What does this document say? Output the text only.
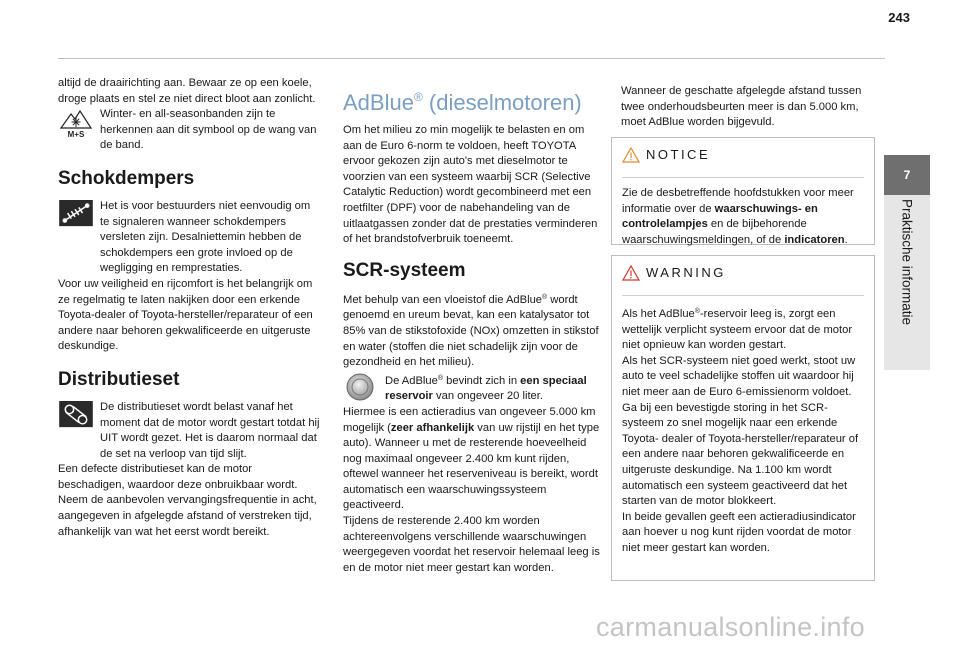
243
7
Praktische informatie

altijd de draairichting aan. Bewaar ze op een koele, droge plaats en stel ze niet direct bloot aan zonlicht.

M+S
Winter- en all-seasonbanden zijn te herkennen aan dit symbool op de wang van de band.
Schokdempers
Het is voor bestuurders niet eenvoudig om te signaleren wanneer schokdempers versleten zijn. Desalniettemin hebben de schokdempers een grote invloed op de wegligging en remprestaties.

Voor uw veiligheid en rijcomfort is het belangrijk om ze regelmatig te laten nakijken door een erkende Toyota-dealer of Toyota-hersteller/reparateur of een andere naar behoren gekwalificeerde en uitgeruste deskundige.

Distributieset
De distributieset wordt belast vanaf het moment dat de motor wordt gestart totdat hij UIT wordt gezet. Het is daarom normaal dat de set na verloop van tijd slijt.

Een defecte distributieset kan de motor beschadigen, waardoor deze onbruikbaar wordt.

Neem de aanbevolen vervangingsfrequentie in acht, aangegeven in afgelegde afstand of verstreken tijd, afhankelijk van wat het eerst wordt bereikt.

AdBlue® (dieselmotoren)

Om het milieu zo min mogelijk te belasten en om aan de Euro 6-norm te voldoen, heeft TOYOTA ervoor gekozen zijn auto's met dieselmotor te voorzien van een systeem waarbij SCR (Selective Catalytic Reduction) wordt gecombineerd met een roetfilter (DPF) voor de nabehandeling van de uitlaatgassen zonder dat de prestaties verminderen of het brandstofverbruik toeneemt.

SCR-systeem

Met behulp van een vloeistof die AdBlue® wordt genoemd en ureum bevat, kan een katalysator tot 85% van de stikstofoxide (NOx) omzetten in stikstof en water (stoffen die niet schadelijk zijn voor de gezondheid en het milieu).

De AdBlue® bevindt zich in een speciaal reservoir van ongeveer 20 liter.

Hiermee is een actieradius van ongeveer 5.000 km mogelijk (zeer afhankelijk van uw rijstijl en het type auto). Wanneer u met de resterende hoeveelheid nog maximaal ongeveer 2.400 km kunt rijden, oftewel wanneer het reserveniveau is bereikt, wordt automatisch een waarschuwingssysteem geactiveerd.

Tijdens de resterende 2.400 km worden achtereenvolgens verschillende waarschuwingen weergegeven voordat het reservoir helemaal leeg is en de motor niet meer gestart kan worden.

Wanneer de geschatte afgelegde afstand tussen twee onderhoudsbeurten meer is dan 5.000 km, moet AdBlue worden bijgevuld.

NOTICE
Zie de desbetreffende hoofdstukken voor meer informatie over de waarschuwings- en controlelampjes en de bijbehorende waarschuwingsmeldingen, of de indicatoren.
WARNING

Als het AdBlue®-reservoir leeg is, zorgt een wettelijk verplicht systeem ervoor dat de motor niet opnieuw kan worden gestart.

Als het SCR-systeem niet goed werkt, stoot uw auto te veel schadelijke stoffen uit waardoor hij niet meer aan de Euro 6-emissienorm voldoet.

Ga bij een bevestigde storing in het SCR-systeem zo snel mogelijk naar een erkende Toyota- dealer of Toyota-hersteller/reparateur of een andere naar behoren gekwalificeerde en uitgeruste deskundige. Na 1.100 km wordt automatisch een systeem geactiveerd dat het starten van de motor blokkeert.

In beide gevallen geeft een actieradiusindicator aan hoever u nog kunt rijden voordat de motor niet meer gestart kan worden.

carmanualsonline.info
